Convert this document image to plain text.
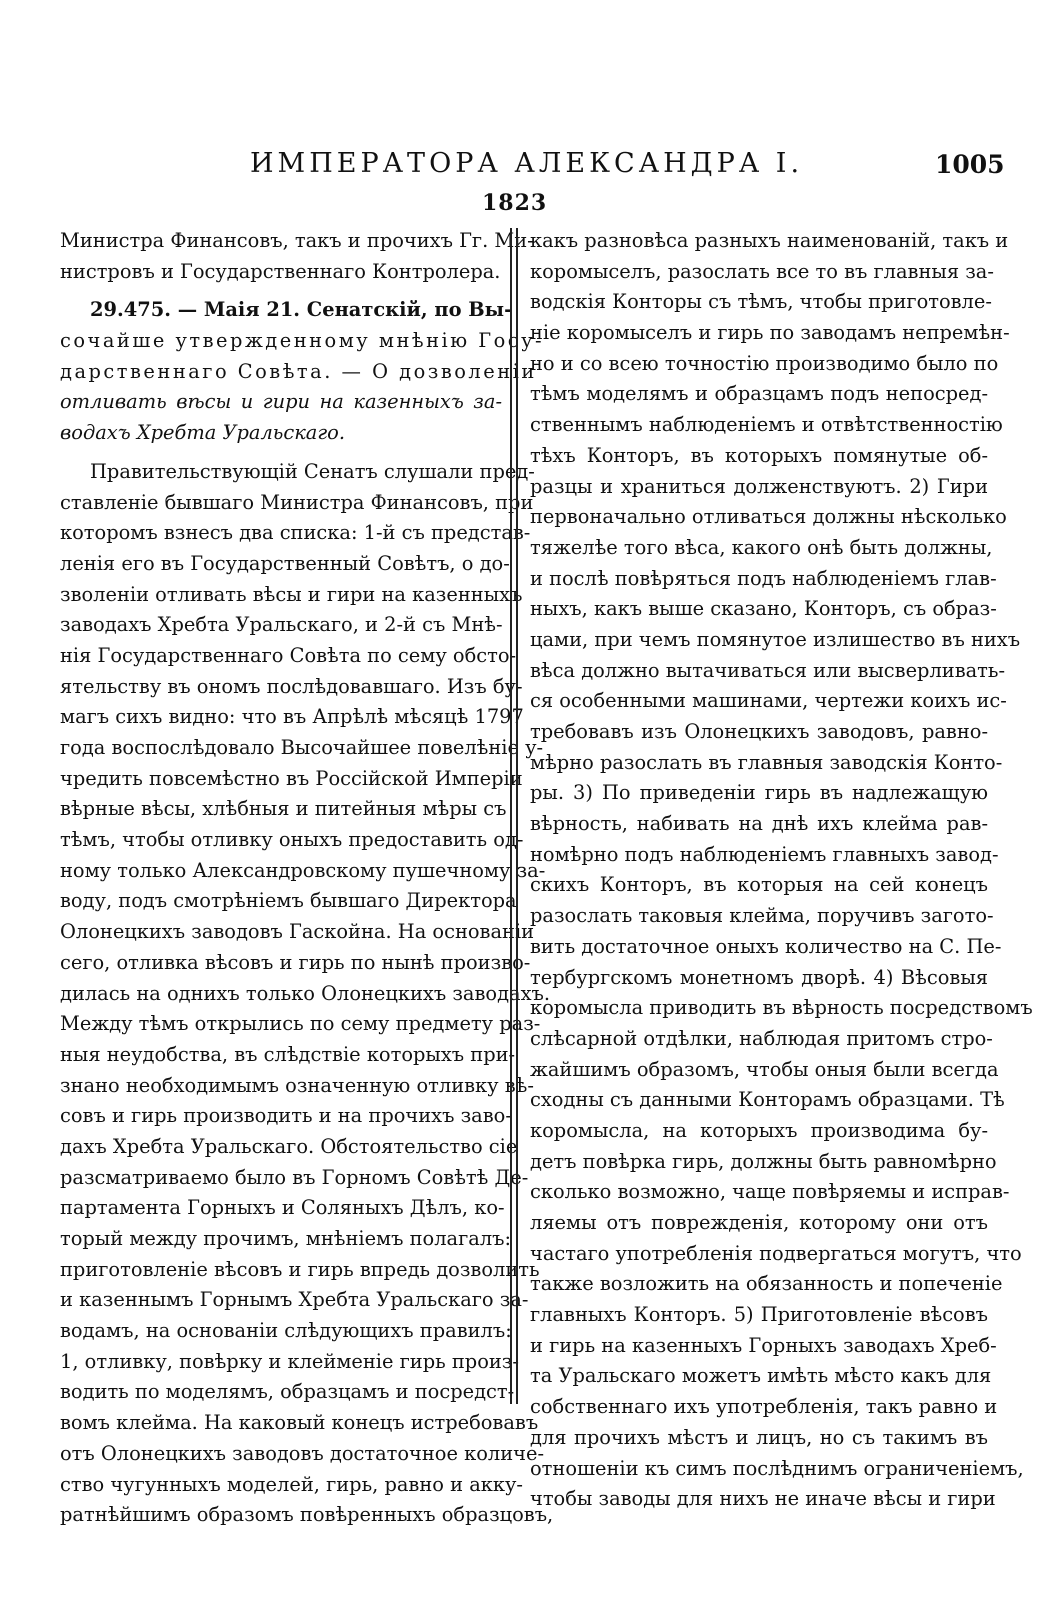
ИМПЕРАТОРА АЛЕКСАНДРА I.	1005
1823
Министра Финансовъ, такъ и прочихъ Гг. Ми-
нистровъ и Государственнаго Контролера.
29.475. — Маія 21. Сенатскій, по Вы-
сочайше утвержденному мнѣнію Госу-
дарственнаго Совѣта. — О дозволеніи
отливать вѣсы и гири на казенныхъ за-
водахъ Хребта Уральскаго.
Правительствующій Сенатъ слушали пред-
ставленіе бывшаго Министра Финансовъ, при
которомъ взнесъ два списка: 1-й съ представ-
ленія его въ Государственный Совѣтъ, о до-
зволеніи отливать вѣсы и гири на казенныхъ
заводахъ Хребта Уральскаго, и 2-й съ Мнѣ-
нія Государственнаго Совѣта по сему обсто-
ятельству въ ономъ послѣдовавшаго. Изъ бу-
магъ сихъ видно: что въ Апрѣлѣ мѣсяцѣ 1797
года воспослѣдовало Высочайшее повелѣніе у-
чредить повсемѣстно въ Россійской Имперіи
вѣрные вѣсы, хлѣбныя и питейныя мѣры съ
тѣмъ, чтобы отливку оныхъ предоставить од-
ному только Александровскому пушечному за-
воду, подъ смотрѣніемъ бывшаго Директора
Олонецкихъ заводовъ Гаскойна. На основаніи
сего, отливка вѣсовъ и гирь по нынѣ произво-
дилась на однихъ только Олонецкихъ заводахъ.
Между тѣмъ открылись по сему предмету раз-
ныя неудобства, въ слѣдствіе которыхъ при-
знано необходимымъ означенную отливку вѣ-
совъ и гирь производить и на прочихъ заво-
дахъ Хребта Уральскаго. Обстоятельство сіе
разсматриваемо было въ Горномъ Совѣтѣ Де-
партамента Горныхъ и Соляныхъ Дѣлъ, ко-
торый между прочимъ, мнѣніемъ полагалъ:
приготовленіе вѣсовъ и гирь впредь дозволить
и казеннымъ Горнымъ Хребта Уральскаго за-
водамъ, на основаніи слѣдующихъ правилъ:
1, отливку, повѣрку и клейменіе гирь произ-
водить по моделямъ, образцамъ и посредст-
вомъ клейма. На каковый конецъ истребовавъ
отъ Олонецкихъ заводовъ достаточное количе-
ство чугунныхъ моделей, гирь, равно и акку-
ратнѣйшимъ образомъ повѣренныхъ образцовъ,
какъ разновѣса разныхъ наименованій, такъ и
коромыселъ, разослать все то въ главныя за-
водскія Конторы съ тѣмъ, чтобы приготовле-
ніе коромыселъ и гирь по заводамъ непремѣн-
но и со всею точностію производимо было по
тѣмъ моделямъ и образцамъ подъ непосред-
ственнымъ наблюденіемъ и отвѣтственностію
тѣхъ Конторъ, въ которыхъ помянутые об-
разцы и храниться долженствуютъ. 2) Гири
первоначально отливаться должны нѣсколько
тяжелѣе того вѣса, какого онѣ быть должны,
и послѣ повѣряться подъ наблюденіемъ глав-
ныхъ, какъ выше сказано, Конторъ, съ образ-
цами, при чемъ помянутое излишество въ нихъ
вѣса должно вытачиваться или высверливать-
ся особенными машинами, чертежи коихъ ис-
требовавъ изъ Олонецкихъ заводовъ, равно-
мѣрно разослать въ главныя заводскія Конто-
ры. 3) По приведеніи гирь въ надлежащую
вѣрность, набивать на днѣ ихъ клейма рав-
номѣрно подъ наблюденіемъ главныхъ завод-
скихъ Конторъ, въ которыя на сей конецъ
разослать таковыя клейма, поручивъ загото-
вить достаточное оныхъ количество на С. Пе-
тербургскомъ монетномъ дворѣ. 4) Вѣсовыя
коромысла приводить въ вѣрность посредствомъ
слѣсарной отдѣлки, наблюдая притомъ стро-
жайшимъ образомъ, чтобы оныя были всегда
сходны съ данными Конторамъ образцами. Тѣ
коромысла, на которыхъ производима бу-
детъ повѣрка гирь, должны быть равномѣрно
сколько возможно, чаще повѣряемы и исправ-
ляемы отъ поврежденія, которому они отъ
частаго употребленія подвергаться могутъ, что
также возложить на обязанность и попеченіе
главныхъ Конторъ. 5) Приготовленіе вѣсовъ
и гирь на казенныхъ Горныхъ заводахъ Хреб-
та Уральскаго можетъ имѣть мѣсто какъ для
собственнаго ихъ употребленія, такъ равно и
для прочихъ мѣстъ и лицъ, но съ такимъ въ
отношеніи къ симъ послѣднимъ ограниченіемъ,
чтобы заводы для нихъ не иначе вѣсы и гири
